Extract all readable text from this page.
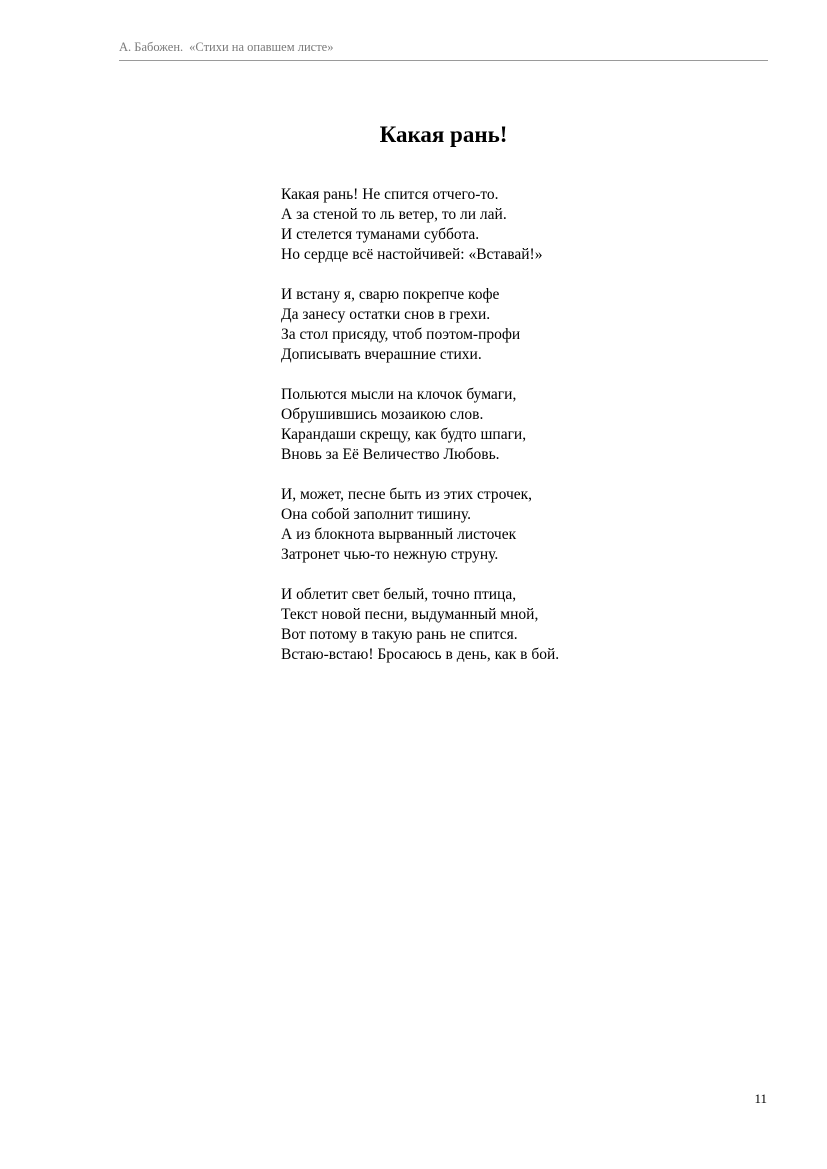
А. Бабожен. «Стихи на опавшем листе»
Какая рань!
Какая рань! Не спится отчего-то.
А за стеной то ль ветер, то ли лай.
И стелется туманами суббота.
Но сердце всё настойчивей: «Вставай!»
И встану я, сварю покрепче кофе
Да занесу остатки снов в грехи.
За стол присяду, чтоб поэтом-профи
Дописывать вчерашние стихи.
Польются мысли на клочок бумаги,
Обрушившись мозаикою слов.
Карандаши скрещу, как будто шпаги,
Вновь за Её Величество Любовь.
И, может, песне быть из этих строчек,
Она собой заполнит тишину.
А из блокнота вырванный листочек
Затронет чью-то нежную струну.
И облетит свет белый, точно птица,
Текст новой песни, выдуманный мной,
Вот потому в такую рань не спится.
Встаю-встаю! Бросаюсь в день, как в бой.
11
